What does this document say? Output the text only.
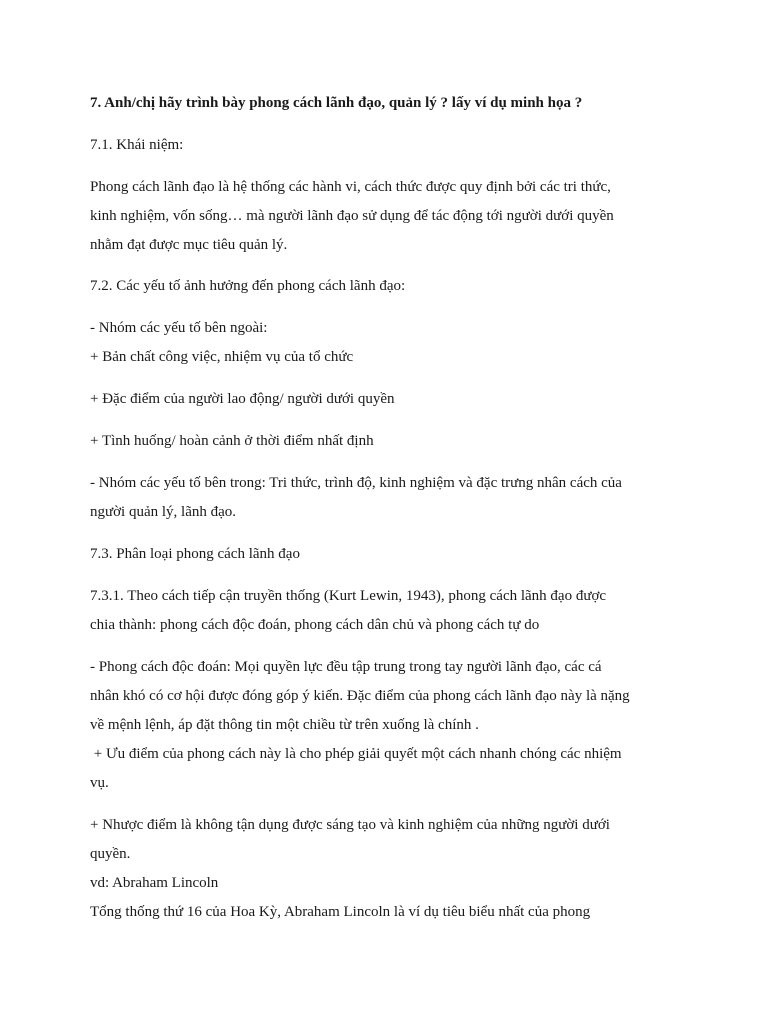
7. Anh/chị hãy trình bày phong cách lãnh đạo, quản lý ? lấy ví dụ minh họa ?
7.1. Khái niệm:
Phong cách lãnh đạo là hệ thống các hành vi, cách thức được quy định bởi các tri thức,
kinh nghiệm, vốn sống… mà người lãnh đạo sử dụng để tác động tới người dưới quyền
nhằm đạt được mục tiêu quản lý.
7.2. Các yếu tố ảnh hưởng đến phong cách lãnh đạo:
- Nhóm các yếu tố bên ngoài:
+ Bản chất công việc, nhiệm vụ của tổ chức
+ Đặc điểm của người lao động/ người dưới quyền
+ Tình huống/ hoàn cảnh ở thời điểm nhất định
- Nhóm các yếu tố bên trong: Tri thức, trình độ, kinh nghiệm và đặc trưng nhân cách của
người quản lý, lãnh đạo.
7.3. Phân loại phong cách lãnh đạo
7.3.1. Theo cách tiếp cận truyền thống (Kurt Lewin, 1943), phong cách lãnh đạo được
chia thành: phong cách độc đoán, phong cách dân chủ và phong cách tự do
- Phong cách độc đoán: Mọi quyền lực đều tập trung trong tay người lãnh đạo, các cá
nhân khó có cơ hội được đóng góp ý kiến. Đặc điểm của phong cách lãnh đạo này là nặng
về mệnh lệnh, áp đặt thông tin một chiều từ trên xuống là chính .
+ Ưu điểm của phong cách này là cho phép giải quyết một cách nhanh chóng các nhiệm
vụ.
+ Nhược điểm là không tận dụng được sáng tạo và kinh nghiệm của những người dưới
quyền.
vd: Abraham Lincoln
Tổng thống thứ 16 của Hoa Kỳ, Abraham Lincoln là ví dụ tiêu biểu nhất của phong
